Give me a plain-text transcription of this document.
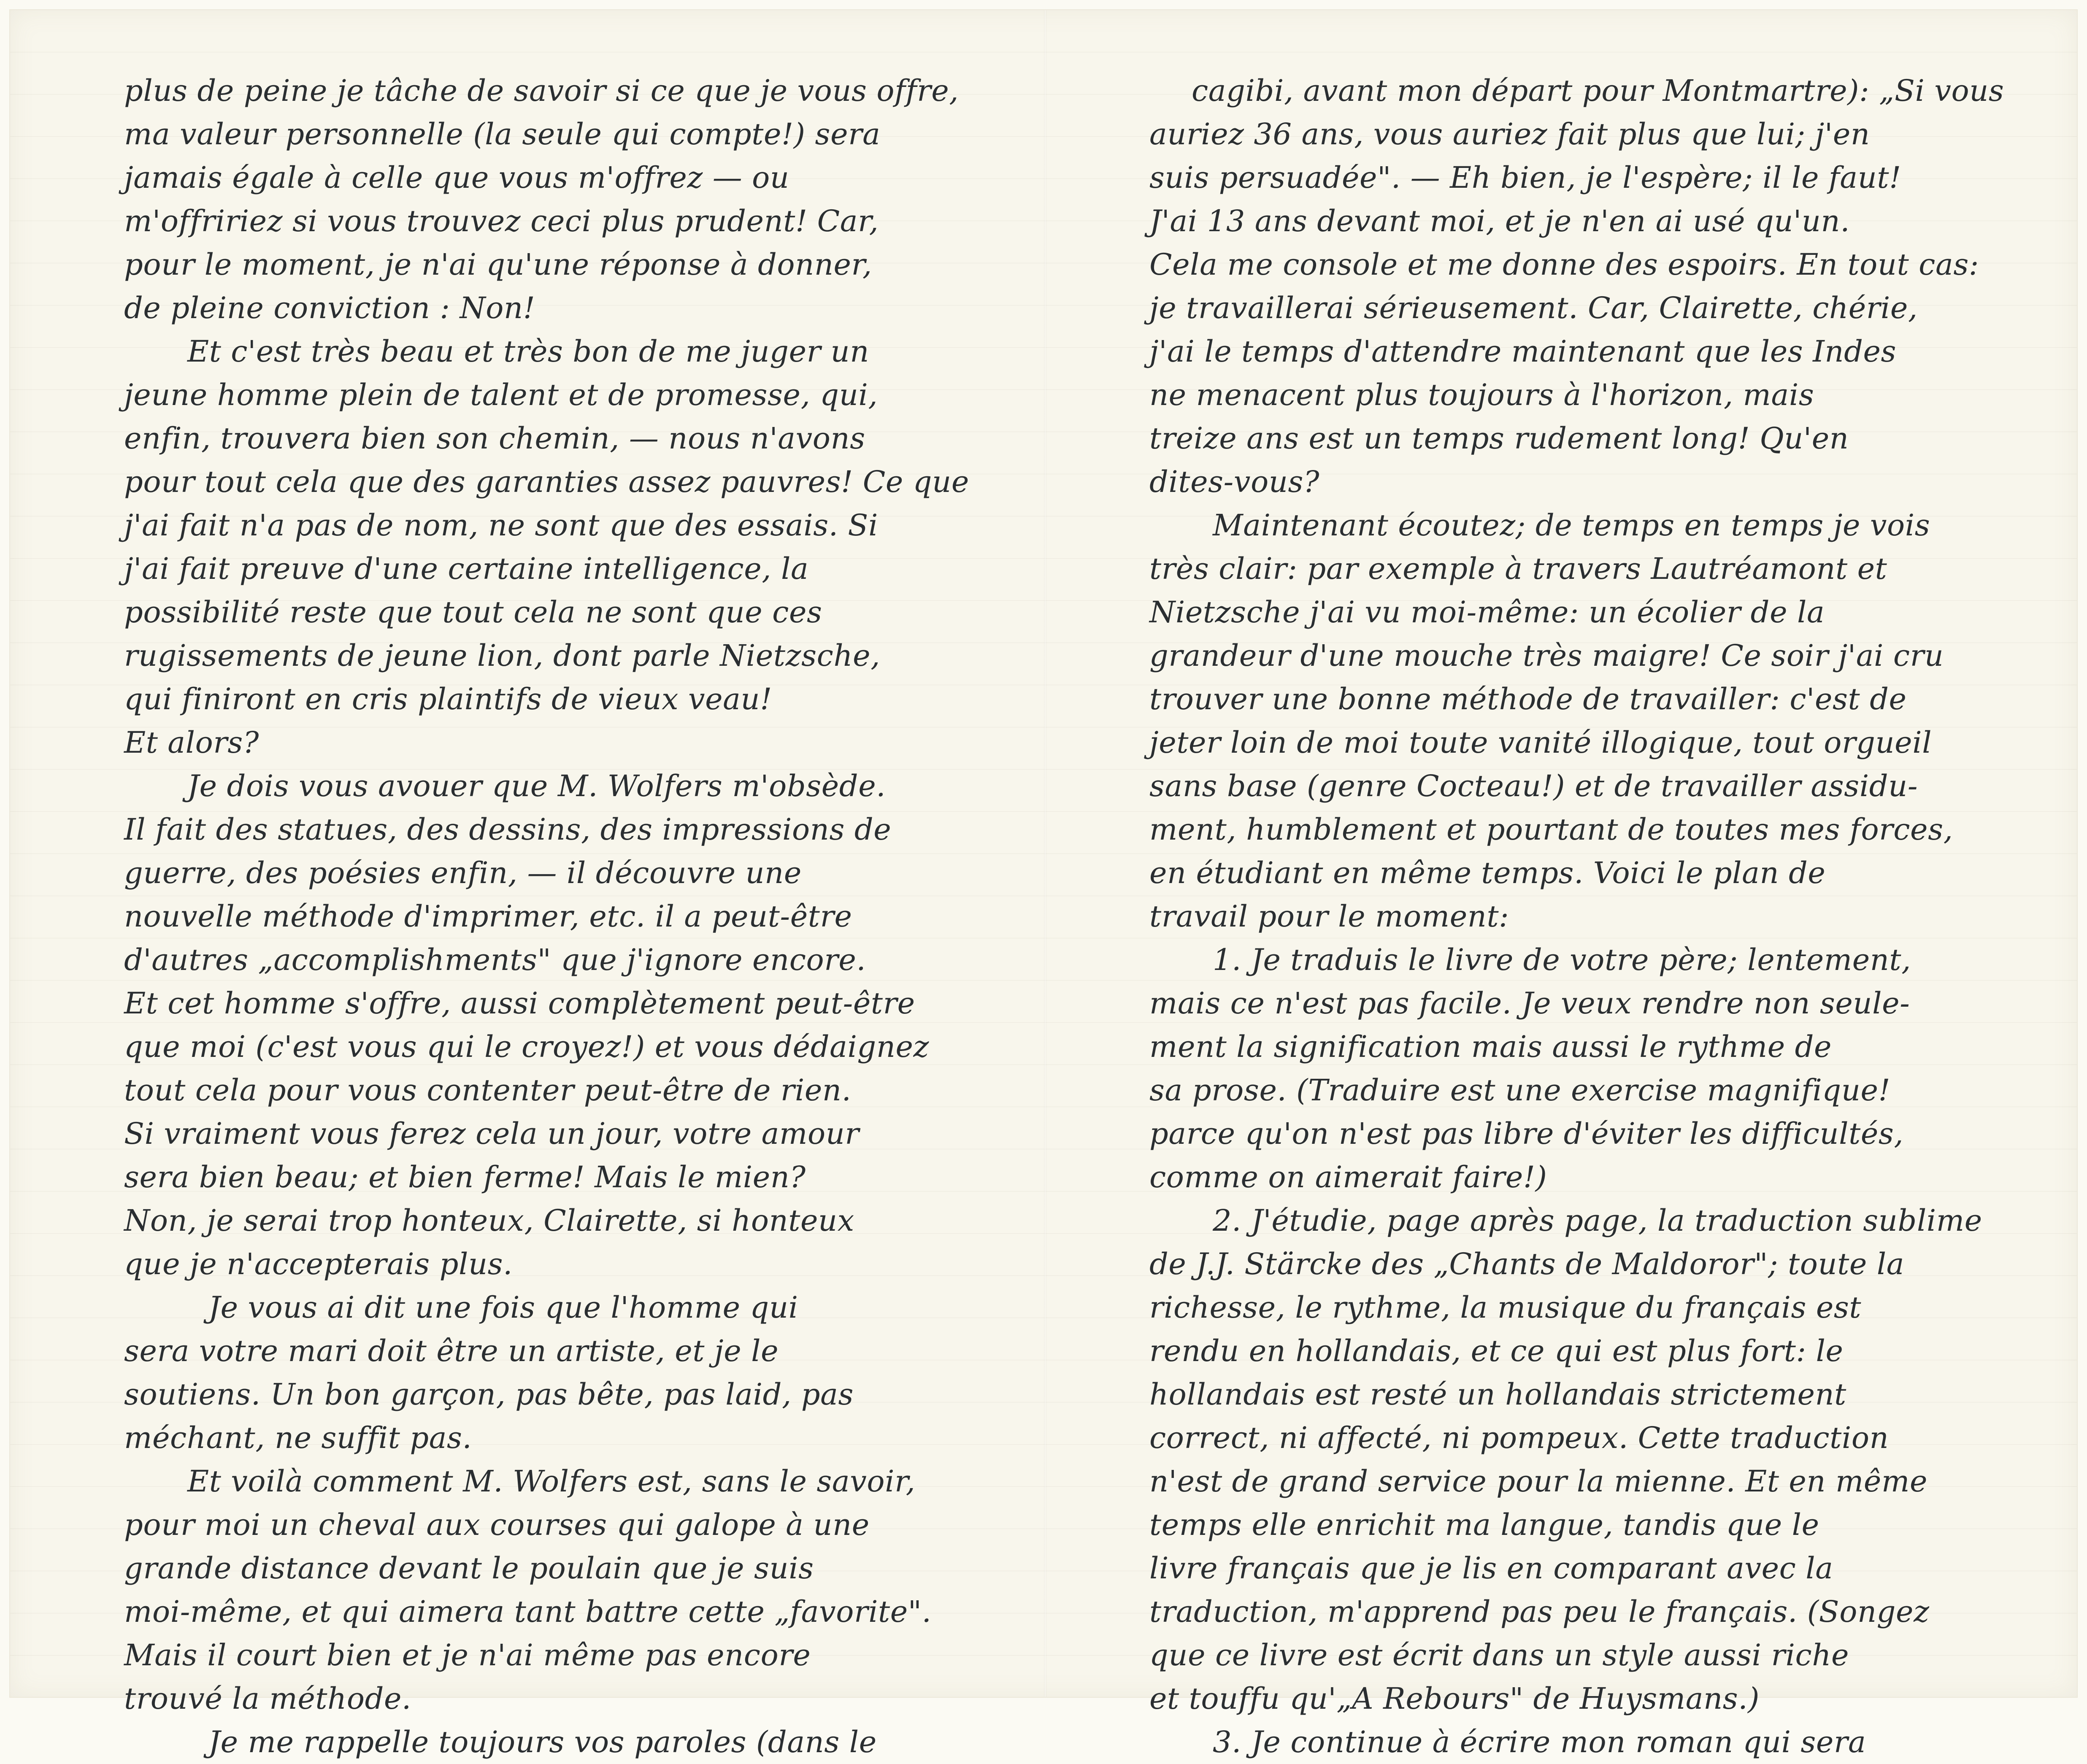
plus de peine je tâche de savoir si ce que je vous offre,
ma valeur personnelle (la seule qui compte!) sera
jamais égale à celle que vous m'offrez — ou
m'offririez si vous trouvez ceci plus prudent! Car,
pour le moment, je n'ai qu'une réponse à donner,
de pleine conviction : Non!
Et c'est très beau et très bon de me juger un
jeune homme plein de talent et de promesse, qui,
enfin, trouvera bien son chemin, — nous n'avons
pour tout cela que des garanties assez pauvres! Ce que
j'ai fait n'a pas de nom, ne sont que des essais. Si
j'ai fait preuve d'une certaine intelligence, la
possibilité reste que tout cela ne sont que ces
rugissements de jeune lion, dont parle Nietzsche,
qui finiront en cris plaintifs de vieux veau!
Et alors?
Je dois vous avouer que M. Wolfers m'obsède.
Il fait des statues, des dessins, des impressions de
guerre, des poésies enfin, — il découvre une
nouvelle méthode d'imprimer, etc. il a peut-être
d'autres „accomplishments" que j'ignore encore.
Et cet homme s'offre, aussi complètement peut-être
que moi (c'est vous qui le croyez!) et vous dédaignez
tout cela pour vous contenter peut-être de rien.
Si vraiment vous ferez cela un jour, votre amour
sera bien beau; et bien ferme! Mais le mien?
Non, je serai trop honteux, Clairette, si honteux
que je n'accepterais plus.
Je vous ai dit une fois que l'homme qui
sera votre mari doit être un artiste, et je le
soutiens. Un bon garçon, pas bête, pas laid, pas
méchant, ne suffit pas.
Et voilà comment M. Wolfers est, sans le savoir,
pour moi un cheval aux courses qui galope à une
grande distance devant le poulain que je suis
moi-même, et qui aimera tant battre cette „favorite".
Mais il court bien et je n'ai même pas encore
trouvé la méthode.
Je me rappelle toujours vos paroles (dans le
cagibi, avant mon départ pour Montmartre): „Si vous
auriez 36 ans, vous auriez fait plus que lui; j'en
suis persuadée". — Eh bien, je l'espère; il le faut!
J'ai 13 ans devant moi, et je n'en ai usé qu'un.
Cela me console et me donne des espoirs. En tout cas:
je travaillerai sérieusement. Car, Clairette, chérie,
j'ai le temps d'attendre maintenant que les Indes
ne menacent plus toujours à l'horizon, mais
treize ans est un temps rudement long! Qu'en
dites-vous?
Maintenant écoutez; de temps en temps je vois
très clair: par exemple à travers Lautréamont et
Nietzsche j'ai vu moi-même: un écolier de la
grandeur d'une mouche très maigre! Ce soir j'ai cru
trouver une bonne méthode de travailler: c'est de
jeter loin de moi toute vanité illogique, tout orgueil
sans base (genre Cocteau!) et de travailler assidu-
ment, humblement et pourtant de toutes mes forces,
en étudiant en même temps. Voici le plan de
travail pour le moment:
1. Je traduis le livre de votre père; lentement,
mais ce n'est pas facile. Je veux rendre non seule-
ment la signification mais aussi le rythme de
sa prose. (Traduire est une exercise magnifique!
parce qu'on n'est pas libre d'éviter les difficultés,
comme on aimerait faire!)
2. J'étudie, page après page, la traduction sublime
de J.J. Stärcke des „Chants de Maldoror"; toute la
richesse, le rythme, la musique du français est
rendu en hollandais, et ce qui est plus fort: le
hollandais est resté un hollandais strictement
correct, ni affecté, ni pompeux. Cette traduction
n'est de grand service pour la mienne. Et en même
temps elle enrichit ma langue, tandis que le
livre français que je lis en comparant avec la
traduction, m'apprend pas peu le français. (Songez
que ce livre est écrit dans un style aussi riche
et touffu qu'„A Rebours" de Huysmans.)
3. Je continue à écrire mon roman qui sera
